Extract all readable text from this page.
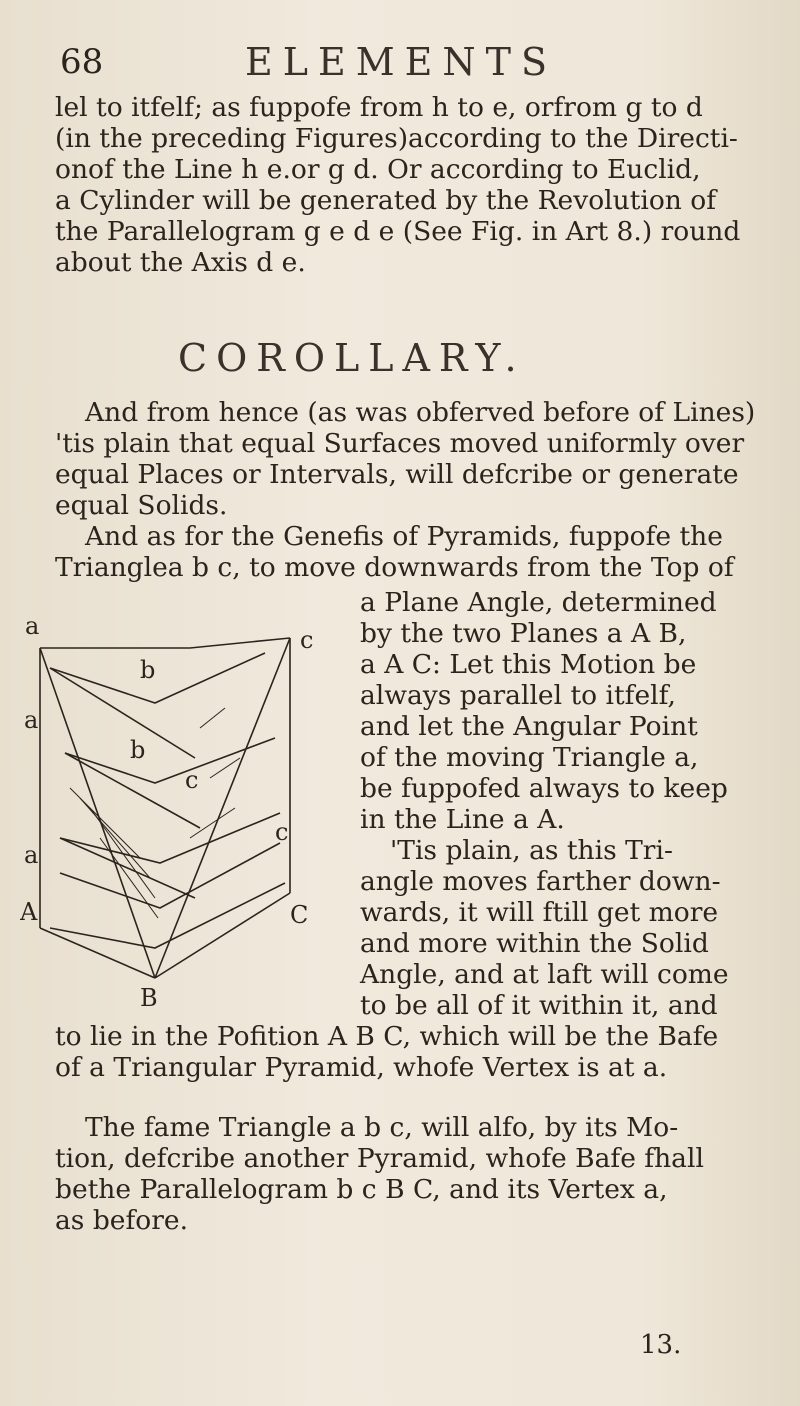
68	ELEMENTS

lel to itfelf; as fuppofe from h to e, orfrom g to d
(in the preceding Figures)according to the Directi-
onof the Line h e.or g d. Or according to Euclid,
a Cylinder will be generated by the Revolution of
the Parallelogram g e d e (See Fig. in Art 8.) round
about the Axis d e.

COROLLARY.

And from hence (as was obferved before of Lines)
'tis plain that equal Surfaces moved uniformly over
equal Places or Intervals, will defcribe or generate
equal Solids.

And as for the Genefis of Pyramids, fuppofe the
Trianglea b c, to move downwards from the Top of

a
b
c
a
b
c
a
c
A
B
C
a Plane Angle, determined
by the two Planes a A B,
a A C: Let this Motion be
always parallel to itfelf,
and let the Angular Point
of the moving Triangle a,
be fuppofed always to keep
in the Line a A.
'Tis plain, as this Tri-
angle moves farther down-
wards, it will ftill get more
and more within the Solid
Angle, and at laft will come
to be all of it within it, and

to lie in the Pofition A B C, which will be the Bafe
of a Triangular Pyramid, whofe Vertex is at a.

The fame Triangle a b c, will alfo, by its Mo-
tion, defcribe another Pyramid, whofe Bafe fhall
bethe Parallelogram b c B C, and its Vertex a,
as before.

13.
